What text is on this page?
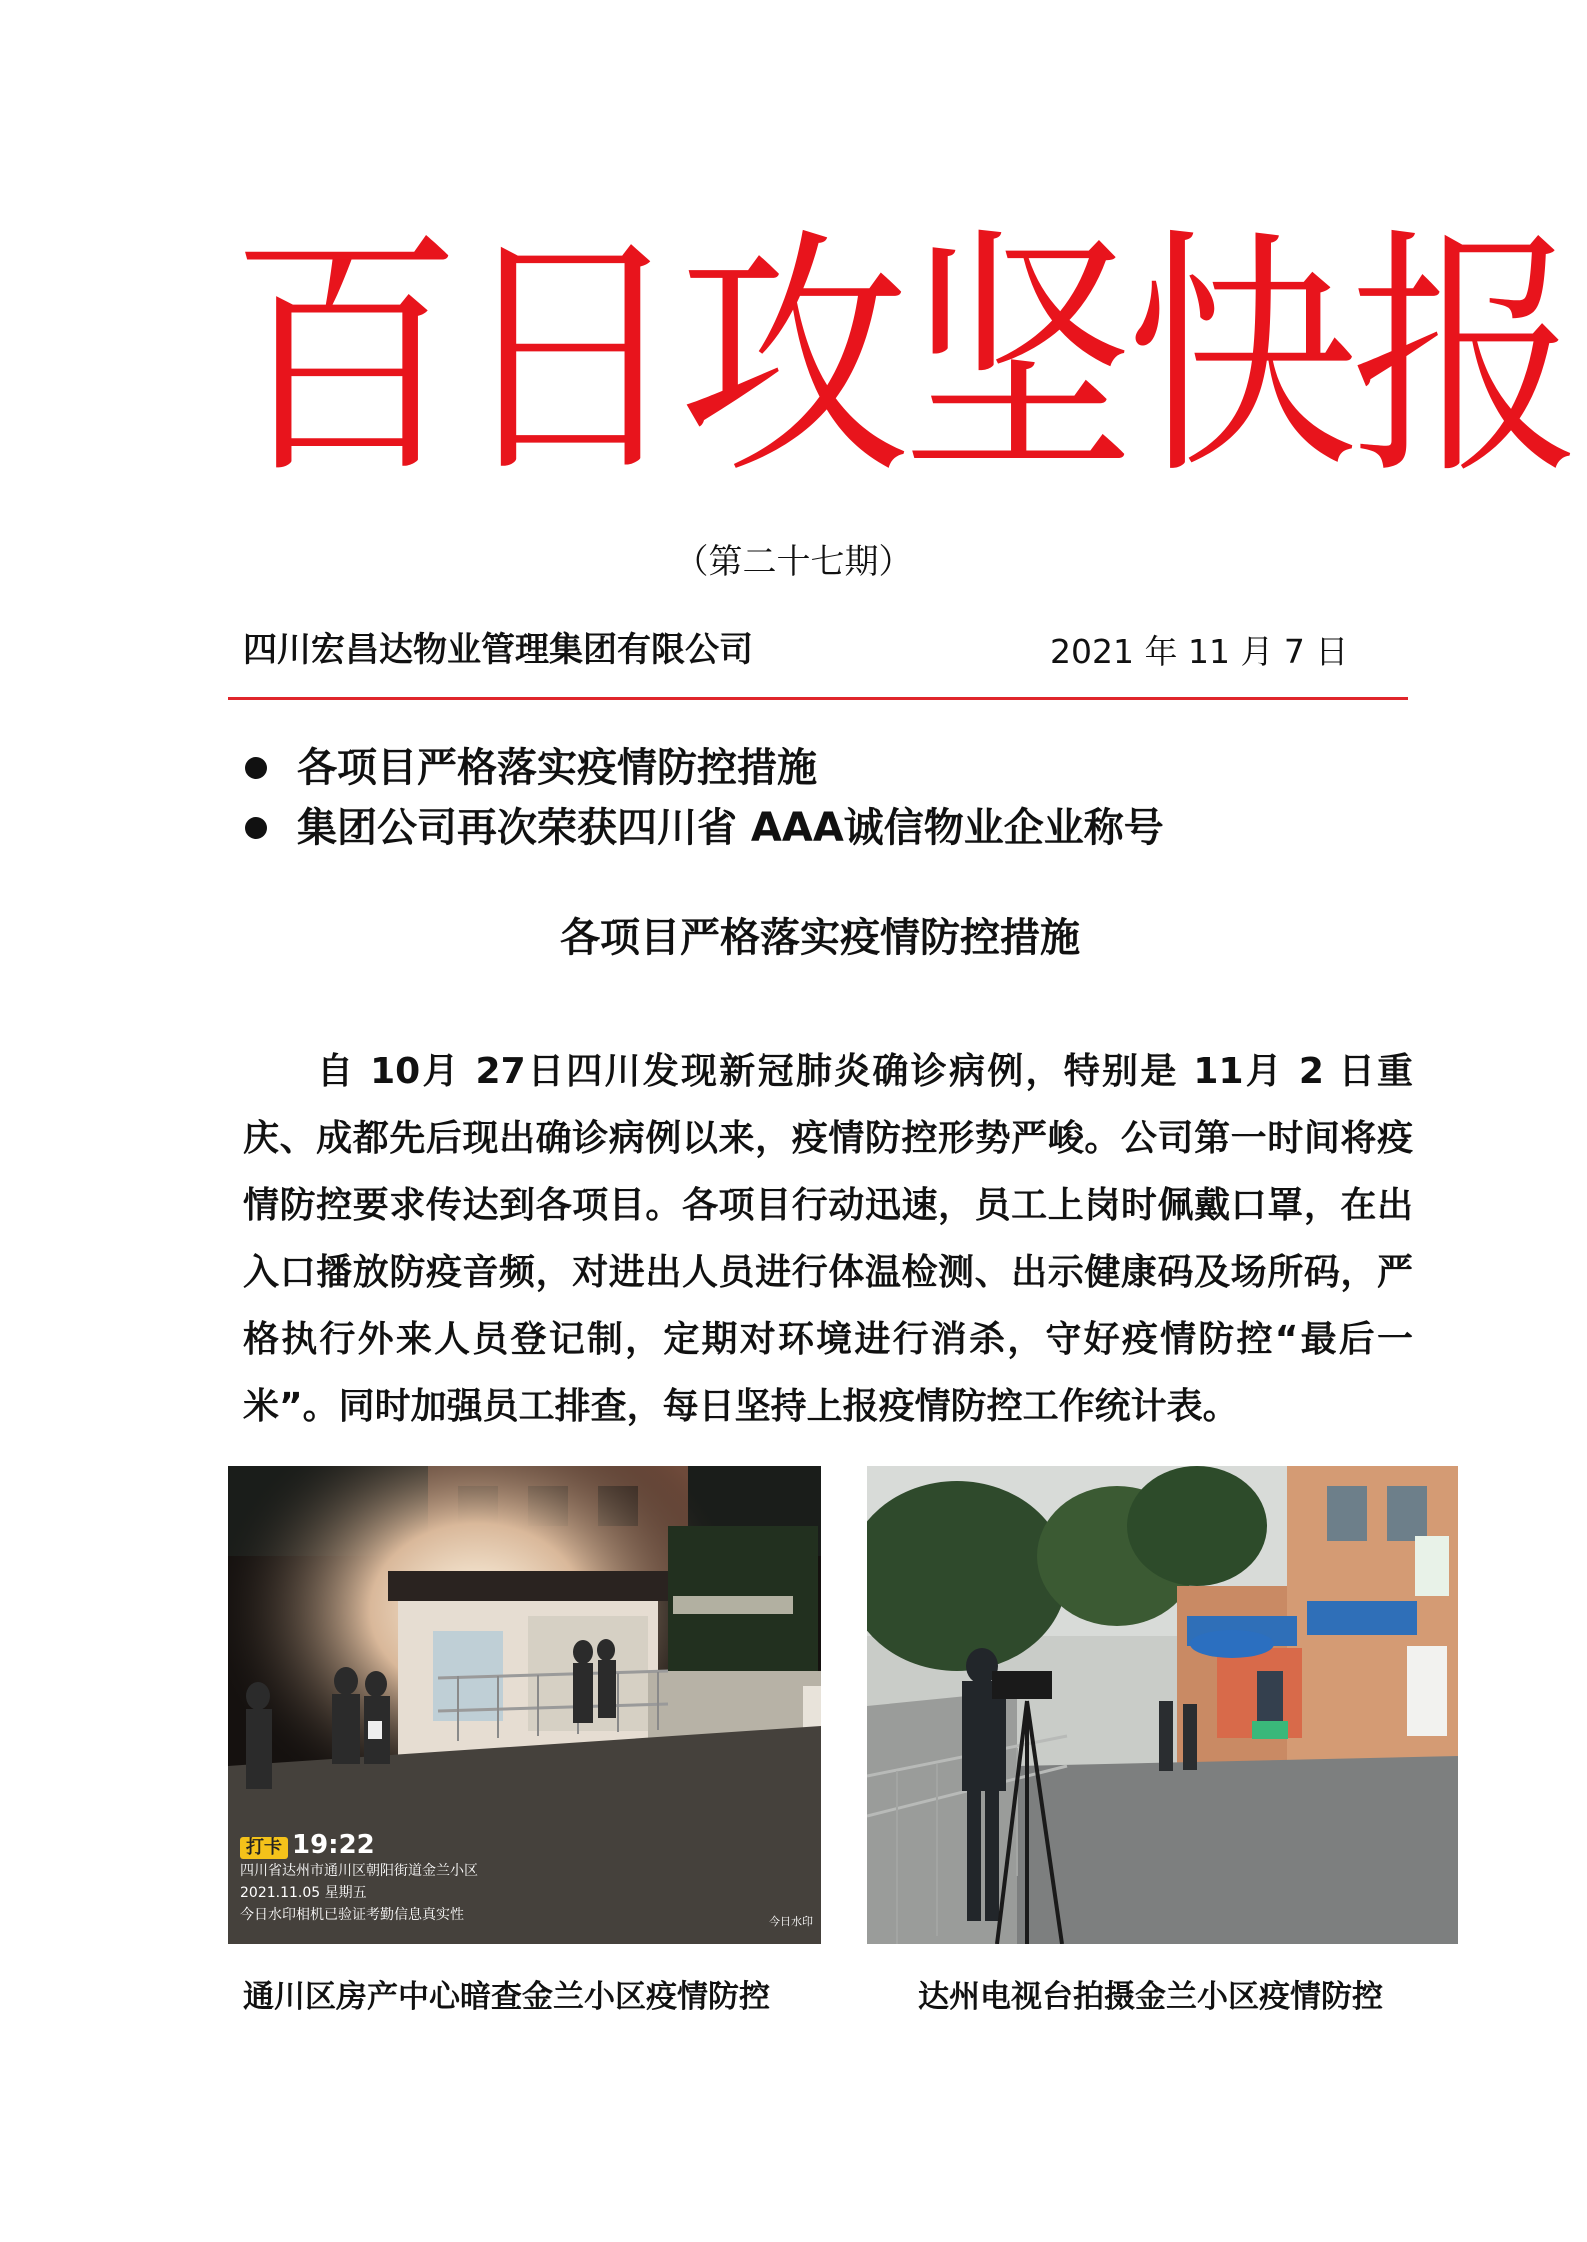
百日攻坚快报
（第二十七期）
四川宏昌达物业管理集团有限公司	2021 年 11 月 7 日
各项目严格落实疫情防控措施
集团公司再次荣获四川省 AAA诚信物业企业称号
各项目严格落实疫情防控措施

自 10月 27日四川发现新冠肺炎确诊病例，特别是 11月 2 日重庆、成都先后现出确诊病例以来，疫情防控形势严峻。公司第一时间将疫情防控要求传达到各项目。各项目行动迅速，员工上岗时佩戴口罩，在出入口播放防疫音频，对进出人员进行体温检测、出示健康码及场所码，严格执行外来人员登记制，定期对环境进行消杀，守好疫情防控“最后一米”。同时加强员工排查，每日坚持上报疫情防控工作统计表。

打卡 19:22
四川省达州市通川区朝阳街道金兰小区
2021.11.05 星期五
今日水印相机已验证考勤信息真实性	今日水印
通川区房产中心暗查金兰小区疫情防控	达州电视台拍摄金兰小区疫情防控
